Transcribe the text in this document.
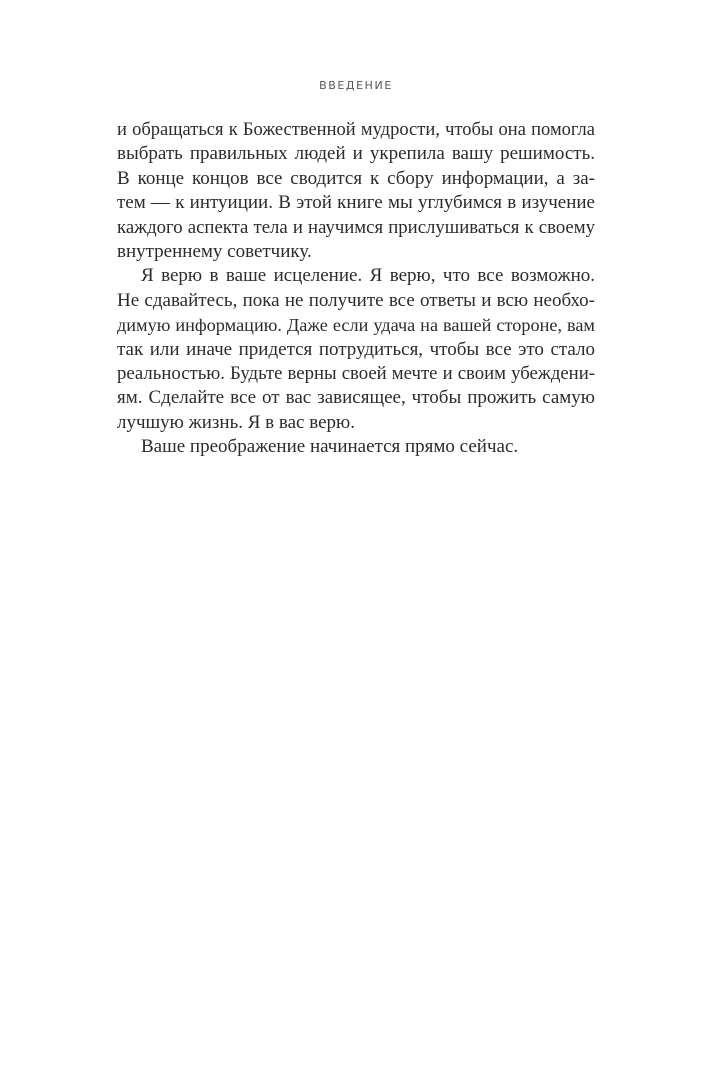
ВВЕДЕНИЕ
и обращаться к Божественной мудрости, чтобы она помогла
выбрать правильных людей и укрепила вашу решимость.
В конце концов все сводится к сбору информации, а за-
тем — к интуиции. В этой книге мы углубимся в изучение
каждого аспекта тела и научимся прислушиваться к своему
внутреннему советчику.
Я верю в ваше исцеление. Я верю, что все возможно.
Не сдавайтесь, пока не получите все ответы и всю необхо-
димую информацию. Даже если удача на вашей стороне, вам
так или иначе придется потрудиться, чтобы все это стало
реальностью. Будьте верны своей мечте и своим убеждени-
ям. Сделайте все от вас зависящее, чтобы прожить самую
лучшую жизнь. Я в вас верю.
Ваше преображение начинается прямо сейчас.
